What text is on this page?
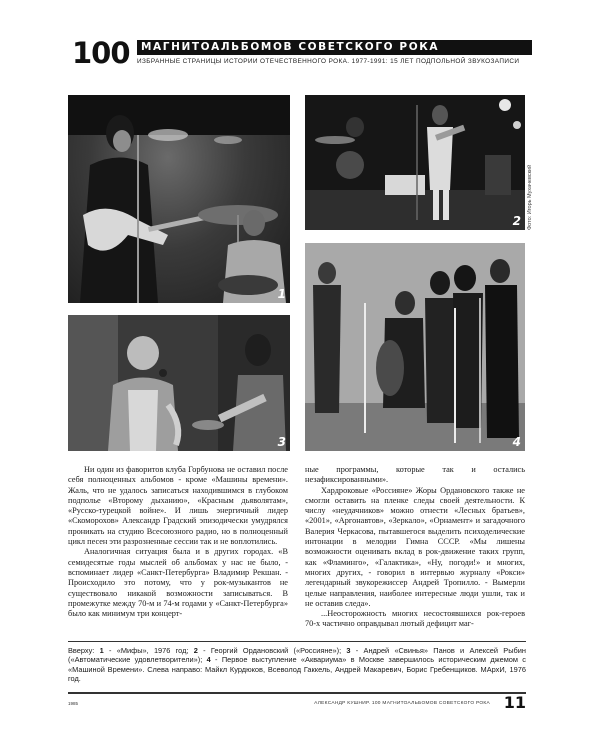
100	МАГНИТОАЛЬБОМОВ СОВЕТСКОГО РОКА
ИЗБРАННЫЕ СТРАНИЦЫ ИСТОРИИ ОТЕЧЕСТВЕННОГО РОКА. 1977-1991: 15 ЛЕТ ПОДПОЛЬНОЙ ЗВУКОЗАПИСИ
1
2 Фото: Игорь Мухачевский
3	4

Ни один из фаворитов клуба Горбунова не оставил после себя полноценных альбомов - кроме «Машины времени». Жаль, что не удалось записаться находившимся в глубоком подполье «Второму дыханию», «Красным дьяволятам», «Русско-турецкой войне». И лишь энергичный лидер «Скоморохов» Александр Градский эпизодически умудрялся проникать на студию Всесоюзного радио, но в полноценный цикл песен эти разрозненные сессии так и не воплотились.

Аналогичная ситуация была и в других городах. «В семидесятые годы мыслей об альбомах у нас не было, - вспоминает лидер «Санкт-Петербурга» Владимир Рекшан. - Происходило это потому, что у рок-музыкантов не существовало никакой возможности записываться. В промежутке между 70-м и 74-м годами у «Санкт-Петербурга» было как минимум три концерт-

ные программы, которые так и остались незафиксированными».

Хардроковые «Россияне» Жоры Ордановского также не смогли оставить на пленке следы своей деятельности. К числу «неудачников» можно отнести «Лесных братьев», «2001», «Аргонавтов», «Зеркало», «Орнамент» и загадочного Валерия Черкасова, пытавшегося выделить психоделические интонации в мелодии Гимна СССР. «Мы лишены возможности оценивать вклад в рок-движение таких групп, как «Фламинго», «Галактика», «Ну, погоди!» и многих, многих других, - говорил в интервью журналу «Рокси» легендарный звукорежиссер Андрей Тропилло. - Вымерли целые направления, наиболее интересные люди ушли, так и не оставив следа».

...Неосторожность многих несостоявшихся рок-героев 70-х частично оправдывал лютый дефицит маг-

Вверху: 1 - «Мифы», 1976 год; 2 - Георгий Ордановский («Россияне»); 3 - Андрей «Свинья» Панов и Алексей Рыбин («Автоматические удовлетворители»); 4 - Первое выступление «Аквариума» в Москве завершилось историческим джемом с «Машиной Времени». Слева направо: Майкл Курдюков, Всеволод Гаккель, Андрей Макаревич, Борис Гребенщиков. МАрхИ, 1976 год.
1985	АЛЕКСАНДР КУШНИР. 100 МАГНИТОАЛЬБОМОВ СОВЕТСКОГО РОКА 11
